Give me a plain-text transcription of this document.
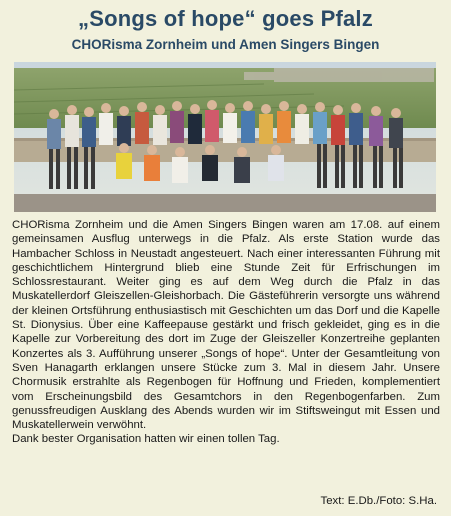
„Songs of hope“ goes Pfalz
CHORisma Zornheim und Amen Singers Bingen

CHORisma Zornheim und die Amen Singers Bingen waren am 17.08. auf einem gemeinsamen Ausflug unterwegs in die Pfalz. Als erste Station wurde das Hambacher Schloss in Neustadt angesteuert. Nach einer interessanten Führung mit geschichtlichem Hintergrund blieb eine Stunde Zeit für Erfrischungen im Schlossrestaurant. Weiter ging es auf dem Weg durch die Pfalz in das Muskatellerdorf Gleiszellen-Gleishorbach. Die Gästeführerin versorgte uns während der kleinen Ortsführung enthusiastisch mit Geschichten um das Dorf und die Kapelle St. Dionysius. Über eine Kaffeepause gestärkt und frisch gekleidet, ging es in die Kapelle zur Vorbereitung des dort im Zuge der Gleiszeller Konzertreihe geplanten Konzertes als 3. Aufführung unserer „Songs of hope“. Unter der Gesamtleitung von Sven Hanagarth erklangen unsere Stücke zum 3. Mal in diesem Jahr. Unsere Chormusik erstrahlte als Regenbogen für Hoffnung und Frieden, komplementiert vom Erscheinungsbild des Gesamtchors in den Regenbogenfarben. Zum genussfreudigen Ausklang des Abends wurden wir im Stiftsweingut mit Essen und Muskatellerwein verwöhnt.

Dank bester Organisation hatten wir einen tollen Tag.

Text: E.Db./Foto: S.Ha.
